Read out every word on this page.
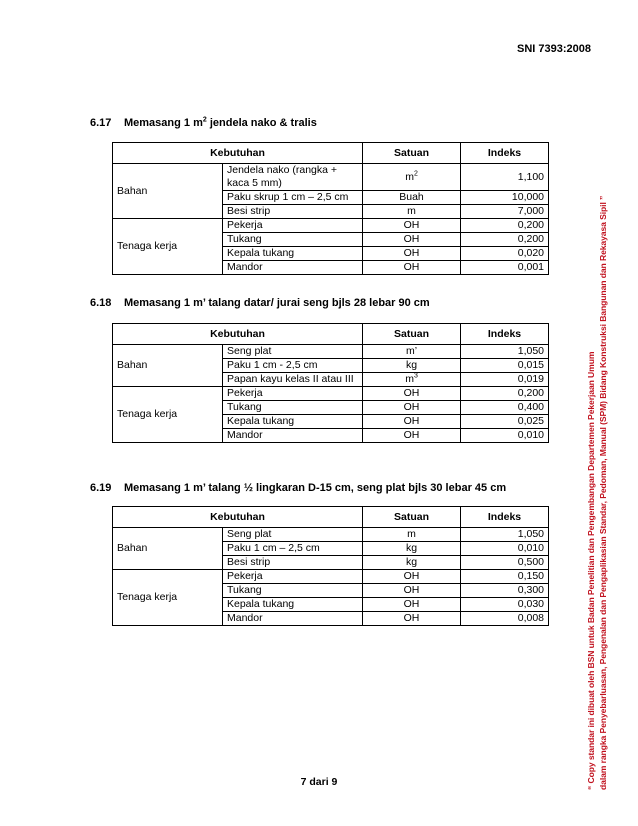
SNI 7393:2008
6.17 Memasang 1 $m^2$ jendela nako & tralis
Kebutuhan		Satuan	Indeks
Bahan	Jendela nako (rangka + kaca 5 mm)	$m^2$	1,100
	Paku skrup 1 cm – 2,5 cm	Buah	10,000
	Besi strip	m	7,000
Tenaga kerja	Pekerja	OH	0,200
	Tukang	OH	0,200
	Kepala tukang	OH	0,020
	Mandor	OH	0,001
6.18 Memasang 1 m’ talang datar/ jurai seng bjls 28 lebar 90 cm
Kebutuhan		Satuan	Indeks
Bahan	Seng plat	m’	1,050
	Paku 1 cm - 2,5 cm	kg	0,015
	Papan kayu kelas II atau III	$m^3$	0,019
Tenaga kerja	Pekerja	OH	0,200
	Tukang	OH	0,400
	Kepala tukang	OH	0,025
	Mandor	OH	0,010
6.19 Memasang 1 m’ talang ½ lingkaran D-15 cm, seng plat bjls 30 lebar 45 cm
Kebutuhan		Satuan	Indeks
Bahan	Seng plat	m	1,050
	Paku 1 cm – 2,5 cm	kg	0,010
	Besi strip	kg	0,500
Tenaga kerja	Pekerja	OH	0,150
	Tukang	OH	0,300
	Kepala tukang	OH	0,030
	Mandor	OH	0,008	“ Copy standar ini dibuat oleh BSN untuk Badan Penelitian dan Pengembangan Departemen Pekerjaan Umum dalam rangka Penyebarluasan, Pengenalan dan Pengaplikasian Standar, Pedoman, Manual (SPM) Bidang Konstruksi Bangunan dan Rekayasa Sipil ”
7 dari 9
